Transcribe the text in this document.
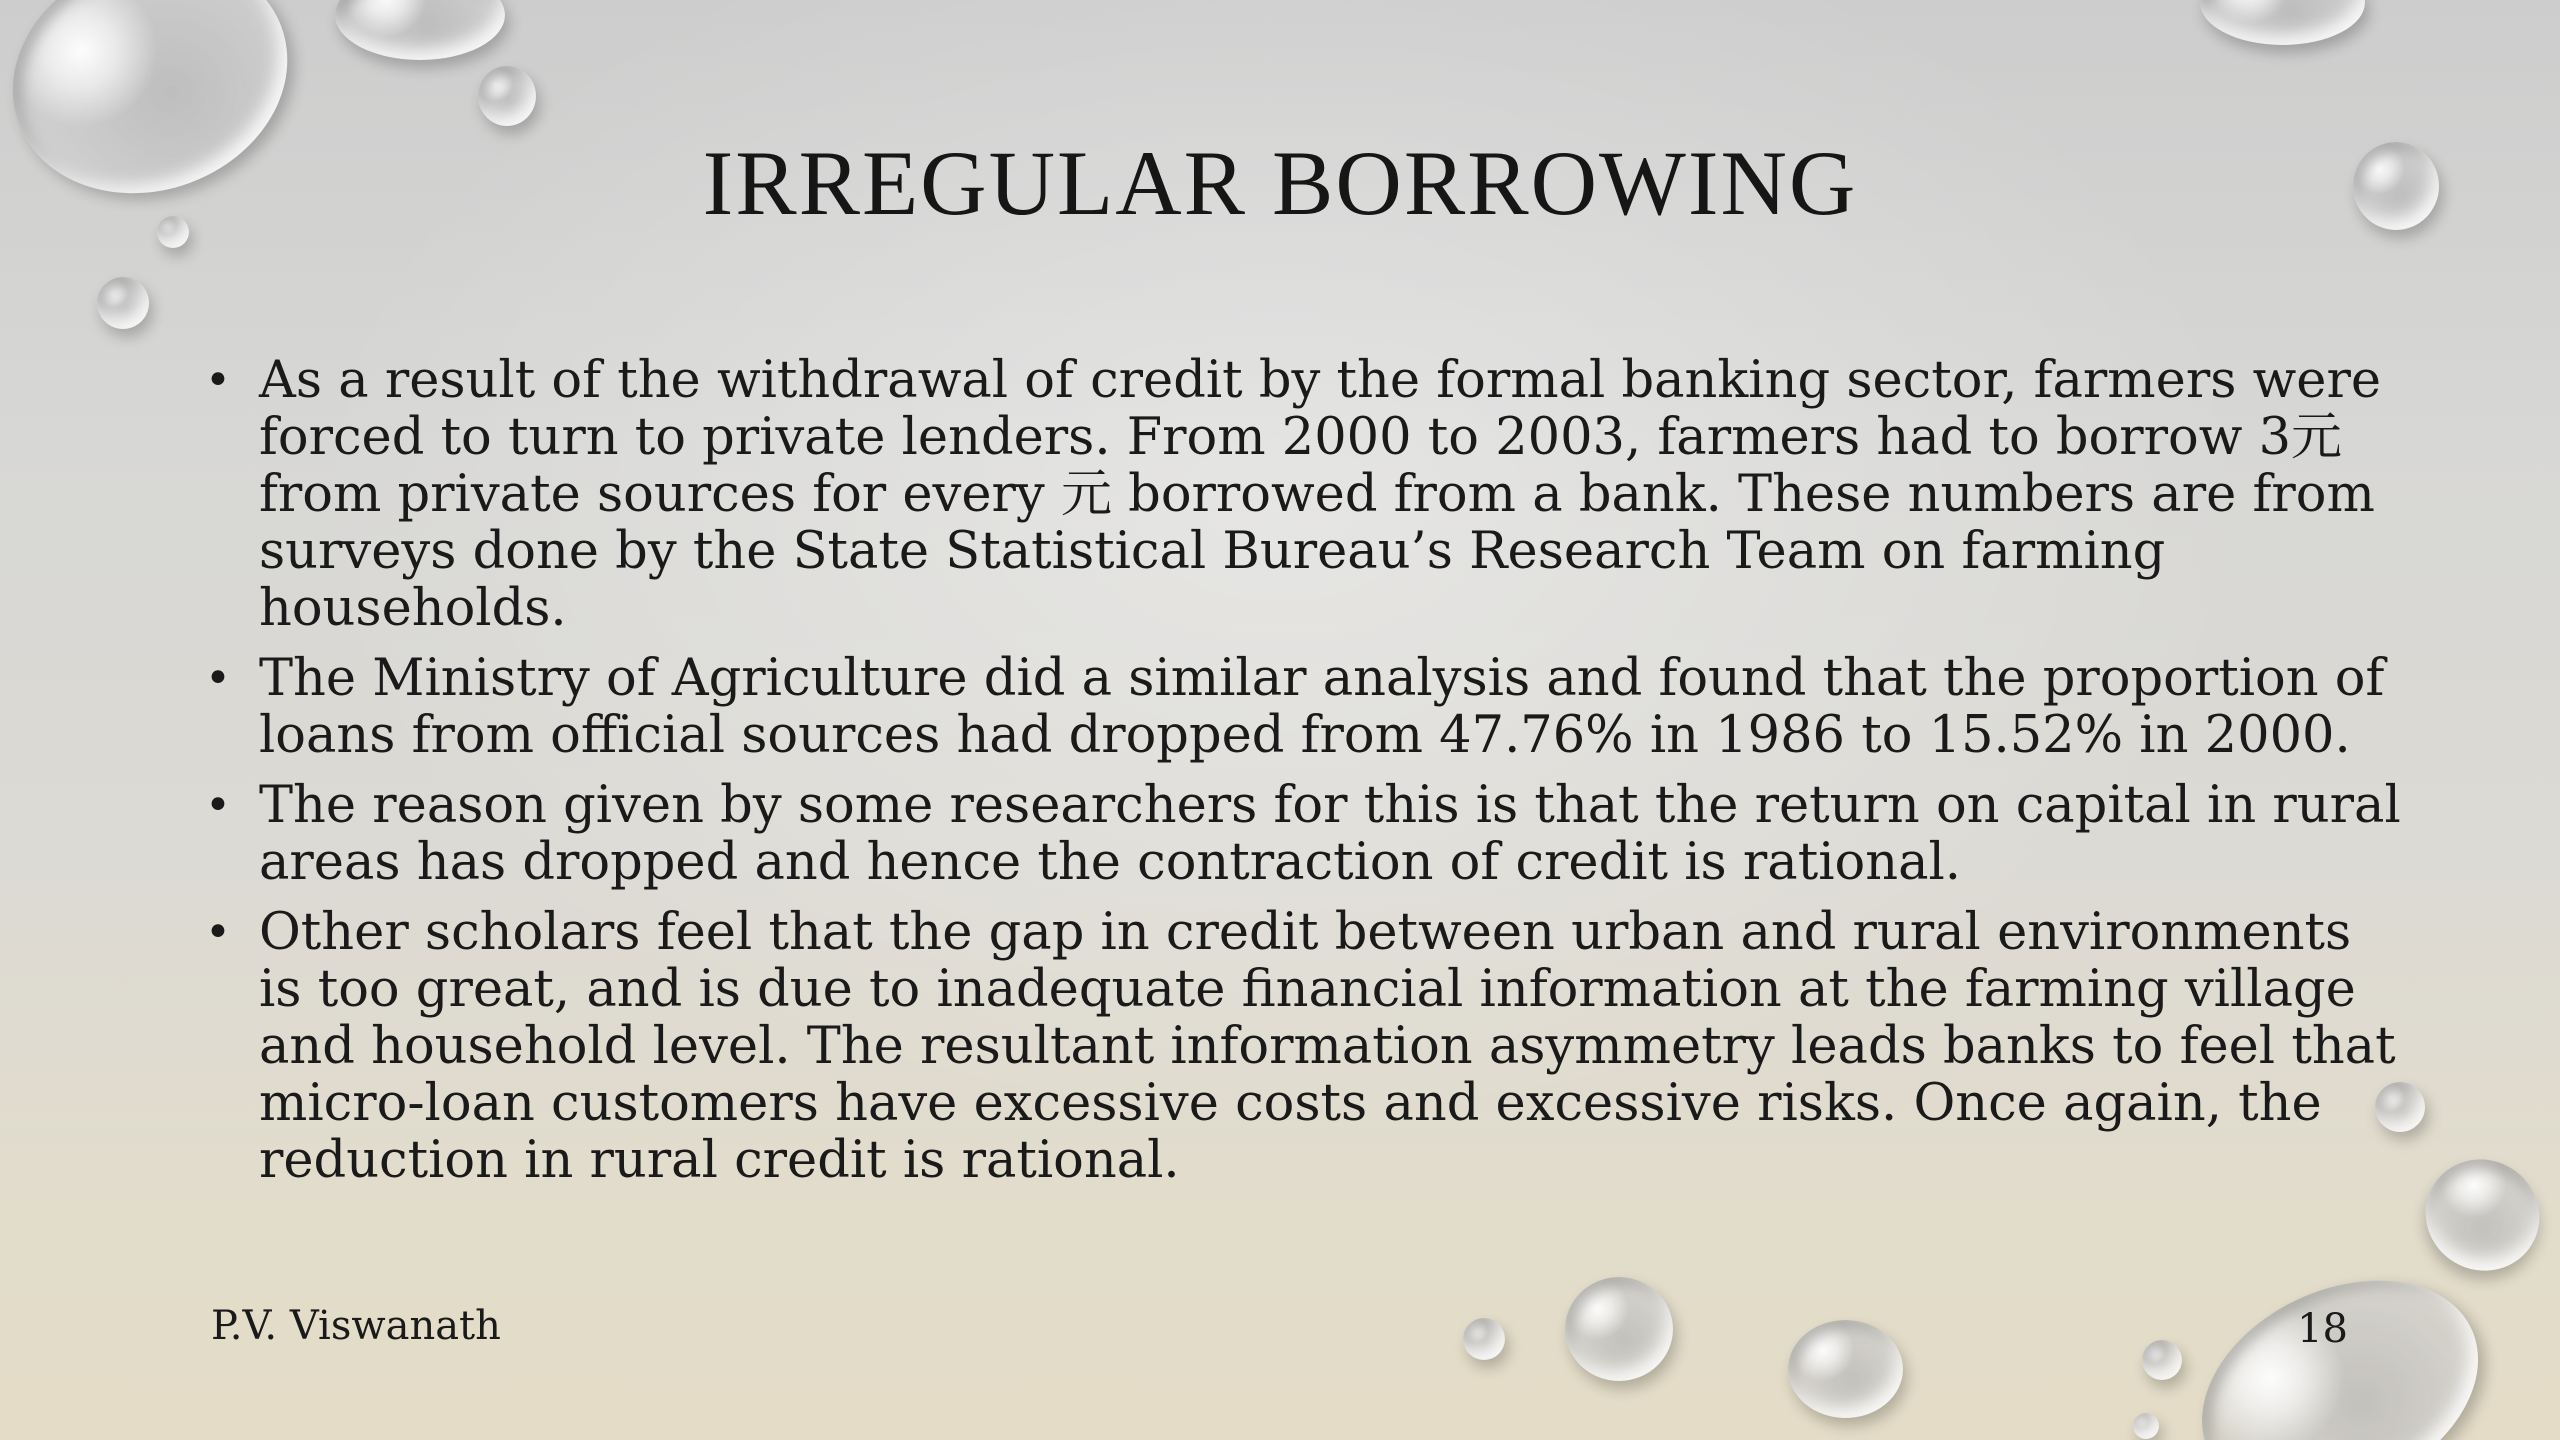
IRREGULAR BORROWING
• As a result of the withdrawal of credit by the formal banking sector, farmers were forced to turn to private lenders. From 2000 to 2003, farmers had to borrow 3元 from private sources for every 元 borrowed from a bank. These numbers are from surveys done by the State Statistical Bureau’s Research Team on farming households.
• The Ministry of Agriculture did a similar analysis and found that the proportion of loans from official sources had dropped from 47.76% in 1986 to 15.52% in 2000.
• The reason given by some researchers for this is that the return on capital in rural areas has dropped and hence the contraction of credit is rational.
• Other scholars feel that the gap in credit between urban and rural environments is too great, and is due to inadequate financial information at the farming village and household level. The resultant information asymmetry leads banks to feel that micro-loan customers have excessive costs and excessive risks. Once again, the reduction in rural credit is rational.
P.V. Viswanath	18
